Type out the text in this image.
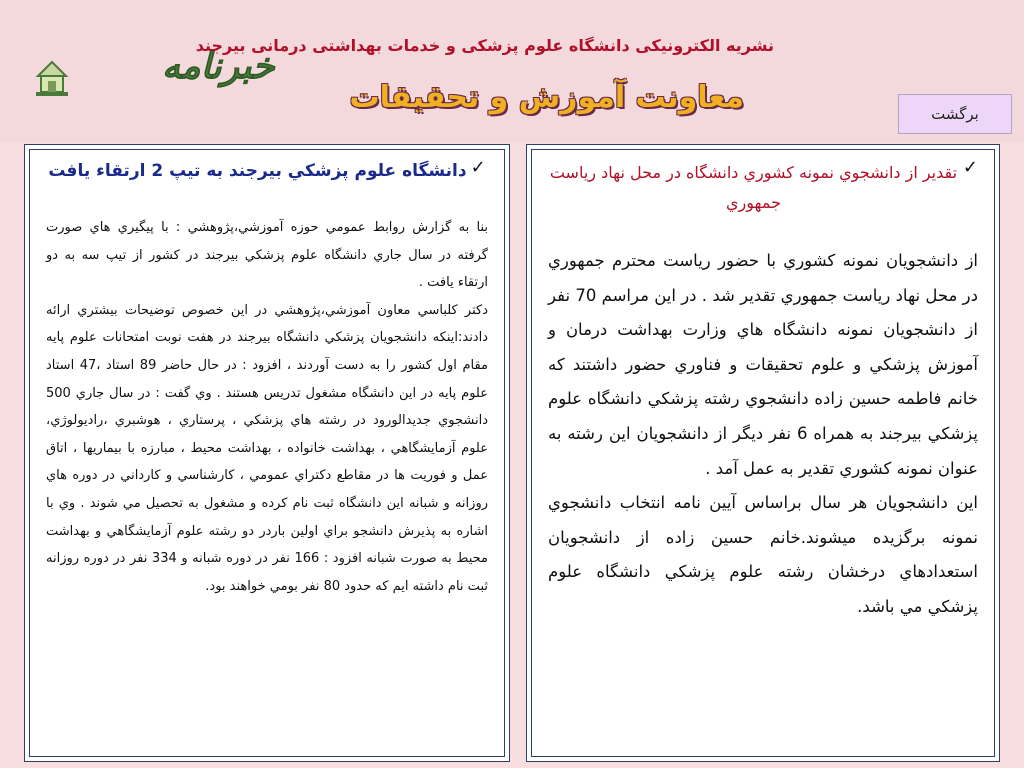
خبرنامه
نشریه الکترونیکی دانشگاه علوم پزشکی و خدمات بهداشتی درمانی بیرجند
معاونت آموزش و تحقیقات	برگشت
✓
دانشگاه علوم پزشكي بيرجند به تيپ 2 ارتقاء يافت

بنا به گزارش روابط عمومي حوزه آموزشي،پژوهشي : با پيگيري هاي صورت گرفته در سال جاري دانشگاه علوم پزشكي بيرجند در كشور از تيپ سه به دو ارتقاء يافت .

دكتر كلباسي معاون آموزشي،پژوهشي در اين خصوص توضيحات بيشتري ارائه دادند:اينكه دانشجويان پزشكي دانشگاه بيرجند در هفت نوبت امتحانات علوم پايه مقام اول كشور را به دست آوردند ، افزود : در حال حاضر 89 استاد ،47 استاد علوم پايه در اين دانشگاه مشغول تدريس هستند . وي گفت : در سال جاري 500 دانشجوي جديدالورود در رشته هاي پزشكي ، پرستاري ، هوشبري ،راديولوژي، علوم آزمايشگاهي ، بهداشت خانواده ، بهداشت محيط ، مبارزه با بيماريها ، اتاق عمل و فوريت ها در مقاطع دكتراي عمومي ، كارشناسي و كارداني در دوره هاي روزانه و شبانه اين دانشگاه ثبت نام كرده و مشغول به تحصيل مي شوند . وي با اشاره به پذيرش دانشجو براي اولين باردر دو رشته علوم آزمايشگاهي و بهداشت محيط به صورت شبانه افزود : 166 نفر در دوره شبانه و 334 نفر در دوره روزانه ثبت نام داشته ايم كه حدود 80 نفر بومي خواهند بود.

✓
تقدير از دانشجوي نمونه كشوري دانشگاه در محل نهاد رياست جمهوري

از دانشجويان نمونه كشوري با حضور رياست محترم جمهوري در محل نهاد رياست جمهوري تقدير شد . در اين مراسم 70 نفر از دانشجويان نمونه دانشگاه هاي وزارت بهداشت درمان و آموزش پزشكي و علوم تحقيقات و فناوري حضور داشتند كه خانم فاطمه حسين زاده دانشجوي رشته پزشكي دانشگاه علوم پزشكي بيرجند به همراه 6 نفر ديگر از دانشجويان اين رشته به عنوان نمونه كشوري تقدير به عمل آمد .

اين دانشجويان هر سال براساس آيين نامه انتخاب دانشجوي نمونه برگزيده ميشوند.خانم حسين زاده از دانشجويان استعدادهاي درخشان رشته علوم پزشكي دانشگاه علوم پزشكي مي باشد.
